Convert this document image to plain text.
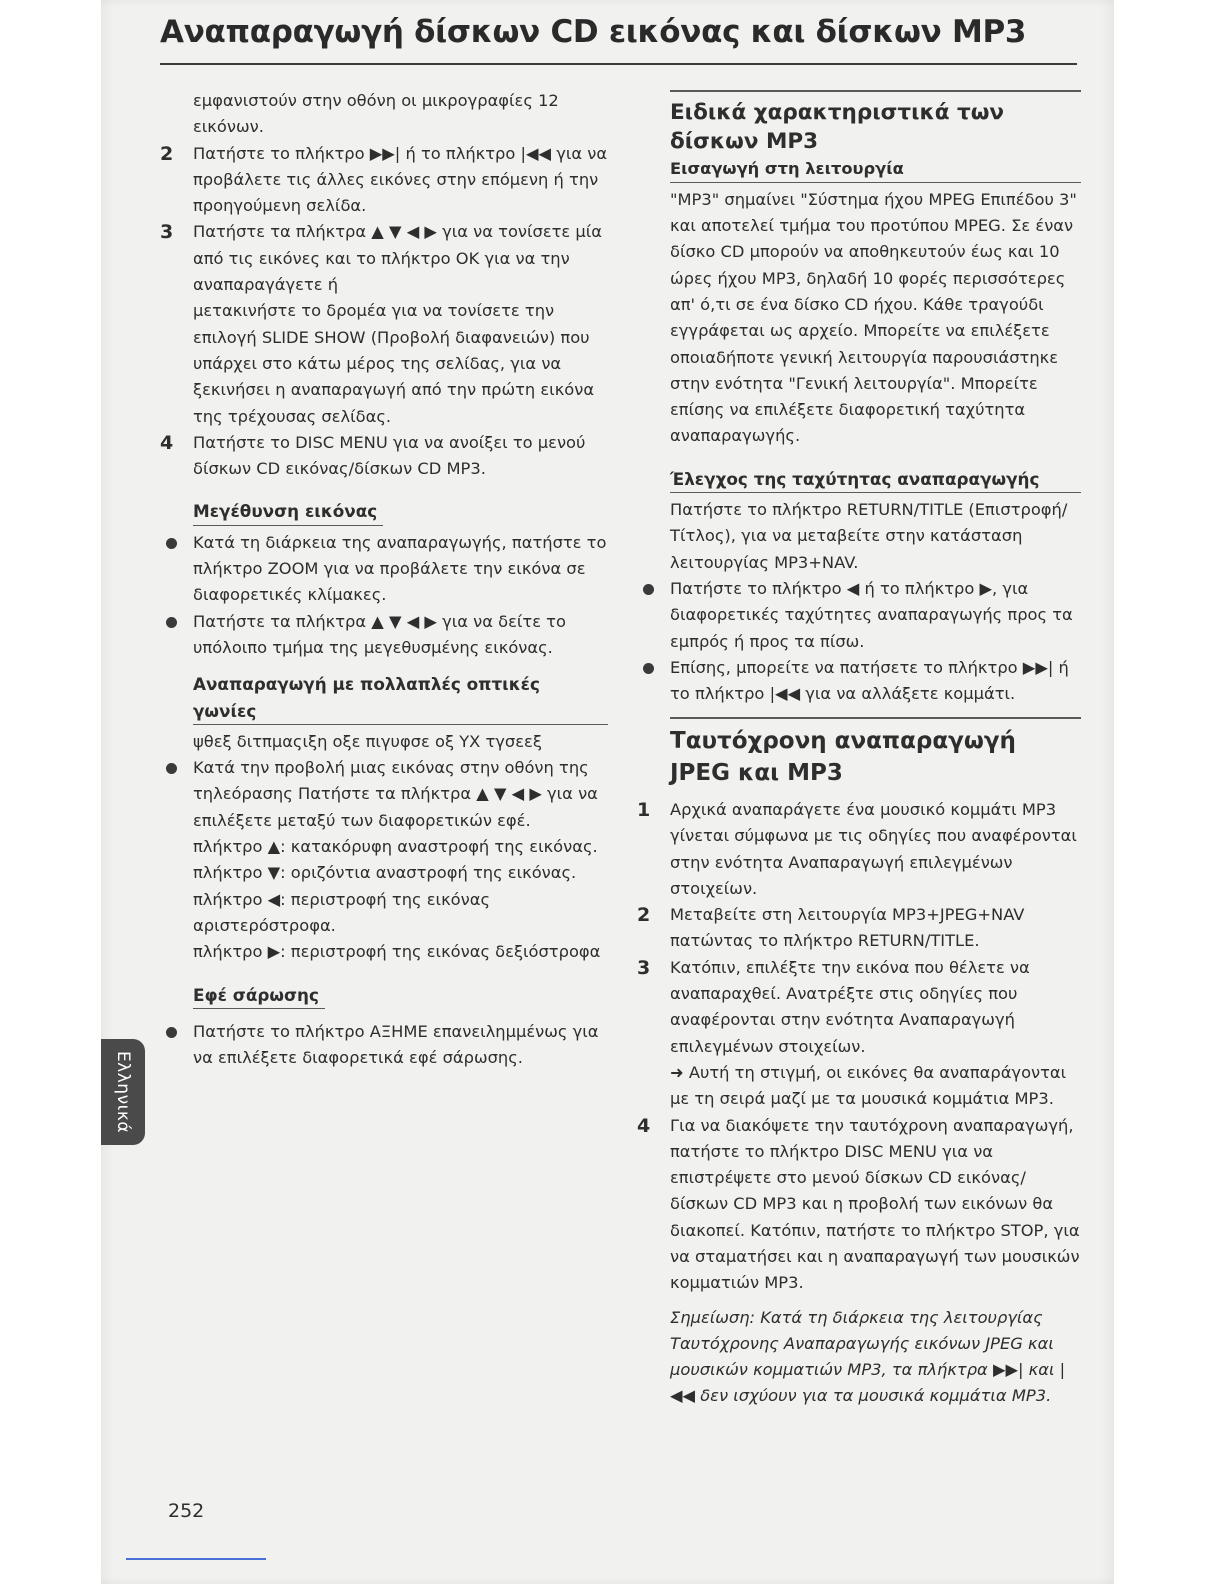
Αναπαραγωγή δίσκων CD εικόνας και δίσκων MP3
εμφανιστούν στην οθόνη οι μικρογραφίες 12 εικόνων.
2 Πατήστε το πλήκτρο ▶▶| ή το πλήκτρο |◀◀ για να προβάλετε τις άλλες εικόνες στην επόμενη ή την προηγούμενη σελίδα.
3 Πατήστε τα πλήκτρα ▲ ▼ ◀ ▶ για να τονίσετε μία από τις εικόνες και το πλήκτρο OK για να την αναπαραγάγετε ή
μετακινήστε το δρομέα για να τονίσετε την επιλογή SLIDE SHOW (Προβολή διαφανειών) που υπάρχει στο κάτω μέρος της σελίδας, για να ξεκινήσει η αναπαραγωγή από την πρώτη εικόνα της τρέχουσας σελίδας.
4 Πατήστε το DISC MENU για να ανοίξει το μενού δίσκων CD εικόνας/δίσκων CD MP3.
Μεγέθυνση εικόνας
Κατά τη διάρκεια της αναπαραγωγής, πατήστε το πλήκτρο ZOOM για να προβάλετε την εικόνα σε διαφορετικές κλίμακες.
Πατήστε τα πλήκτρα ▲ ▼ ◀ ▶ για να δείτε το υπόλοιπο τμήμα της μεγεθυσμένης εικόνας.
Αναπαραγωγή με πολλαπλές οπτικές γωνίες
ψθεξ διτπμαςιξη οξε πιγυφσε οξ ΥΧ τγσεεξ
Κατά την προβολή μιας εικόνας στην οθόνη της τηλεόρασης Πατήστε τα πλήκτρα ▲ ▼ ◀ ▶ για να επιλέξετε μεταξύ των διαφορετικών εφέ.
πλήκτρο ▲: κατακόρυφη αναστροφή της εικόνας.
πλήκτρο ▼: οριζόντια αναστροφή της εικόνας.
πλήκτρο ◀: περιστροφή της εικόνας αριστερόστροφα.
πλήκτρο ▶: περιστροφή της εικόνας δεξιόστροφα
Εφέ σάρωσης
Πατήστε το πλήκτρο ΑΞΗΜΕ επανειλημμένως για να επιλέξετε διαφορετικά εφέ σάρωσης.
Ειδικά χαρακτηριστικά των δίσκων MP3
Εισαγωγή στη λειτουργία
"MP3" σημαίνει "Σύστημα ήχου MPEG Επιπέδου 3" και αποτελεί τμήμα του προτύπου MPEG. Σε έναν δίσκο CD μπορούν να αποθηκευτούν έως και 10 ώρες ήχου MP3, δηλαδή 10 φορές περισσότερες απ' ό,τι σε ένα δίσκο CD ήχου. Κάθε τραγούδι εγγράφεται ως αρχείο. Μπορείτε να επιλέξετε οποιαδήποτε γενική λειτουργία παρουσιάστηκε στην ενότητα "Γενική λειτουργία". Μπορείτε επίσης να επιλέξετε διαφορετική ταχύτητα αναπαραγωγής.
Έλεγχος της ταχύτητας αναπαραγωγής
Πατήστε το πλήκτρο RETURN/TITLE (Επιστροφή/Τίτλος), για να μεταβείτε στην κατάσταση λειτουργίας MP3+NAV.
Πατήστε το πλήκτρο ◀ ή το πλήκτρο ▶, για διαφορετικές ταχύτητες αναπαραγωγής προς τα εμπρός ή προς τα πίσω.
Επίσης, μπορείτε να πατήσετε το πλήκτρο ▶▶| ή το πλήκτρο |◀◀ για να αλλάξετε κομμάτι.
Ταυτόχρονη αναπαραγωγή JPEG και MP3
1 Αρχικά αναπαράγετε ένα μουσικό κομμάτι MP3 γίνεται σύμφωνα με τις οδηγίες που αναφέρονται στην ενότητα Αναπαραγωγή επιλεγμένων στοιχείων.
2 Μεταβείτε στη λειτουργία MP3+JPEG+NAV πατώντας το πλήκτρο RETURN/TITLE.
3 Κατόπιν, επιλέξτε την εικόνα που θέλετε να αναπαραχθεί. Ανατρέξτε στις οδηγίες που αναφέρονται στην ενότητα Αναπαραγωγή επιλεγμένων στοιχείων.
➜ Αυτή τη στιγμή, οι εικόνες θα αναπαράγονται με τη σειρά μαζί με τα μουσικά κομμάτια MP3.
4 Για να διακόψετε την ταυτόχρονη αναπαραγωγή, πατήστε το πλήκτρο DISC MENU για να επιστρέψετε στο μενού δίσκων CD εικόνας/δίσκων CD MP3 και η προβολή των εικόνων θα διακοπεί. Κατόπιν, πατήστε το πλήκτρο STOP, για να σταματήσει και η αναπαραγωγή των μουσικών κομματιών MP3.
Σημείωση: Κατά τη διάρκεια της λειτουργίας Ταυτόχρονης Αναπαραγωγής εικόνων JPEG και μουσικών κομματιών MP3, τα πλήκτρα ▶▶| και |◀◀ δεν ισχύουν για τα μουσικά κομμάτια MP3.
Ελληνικά
252
